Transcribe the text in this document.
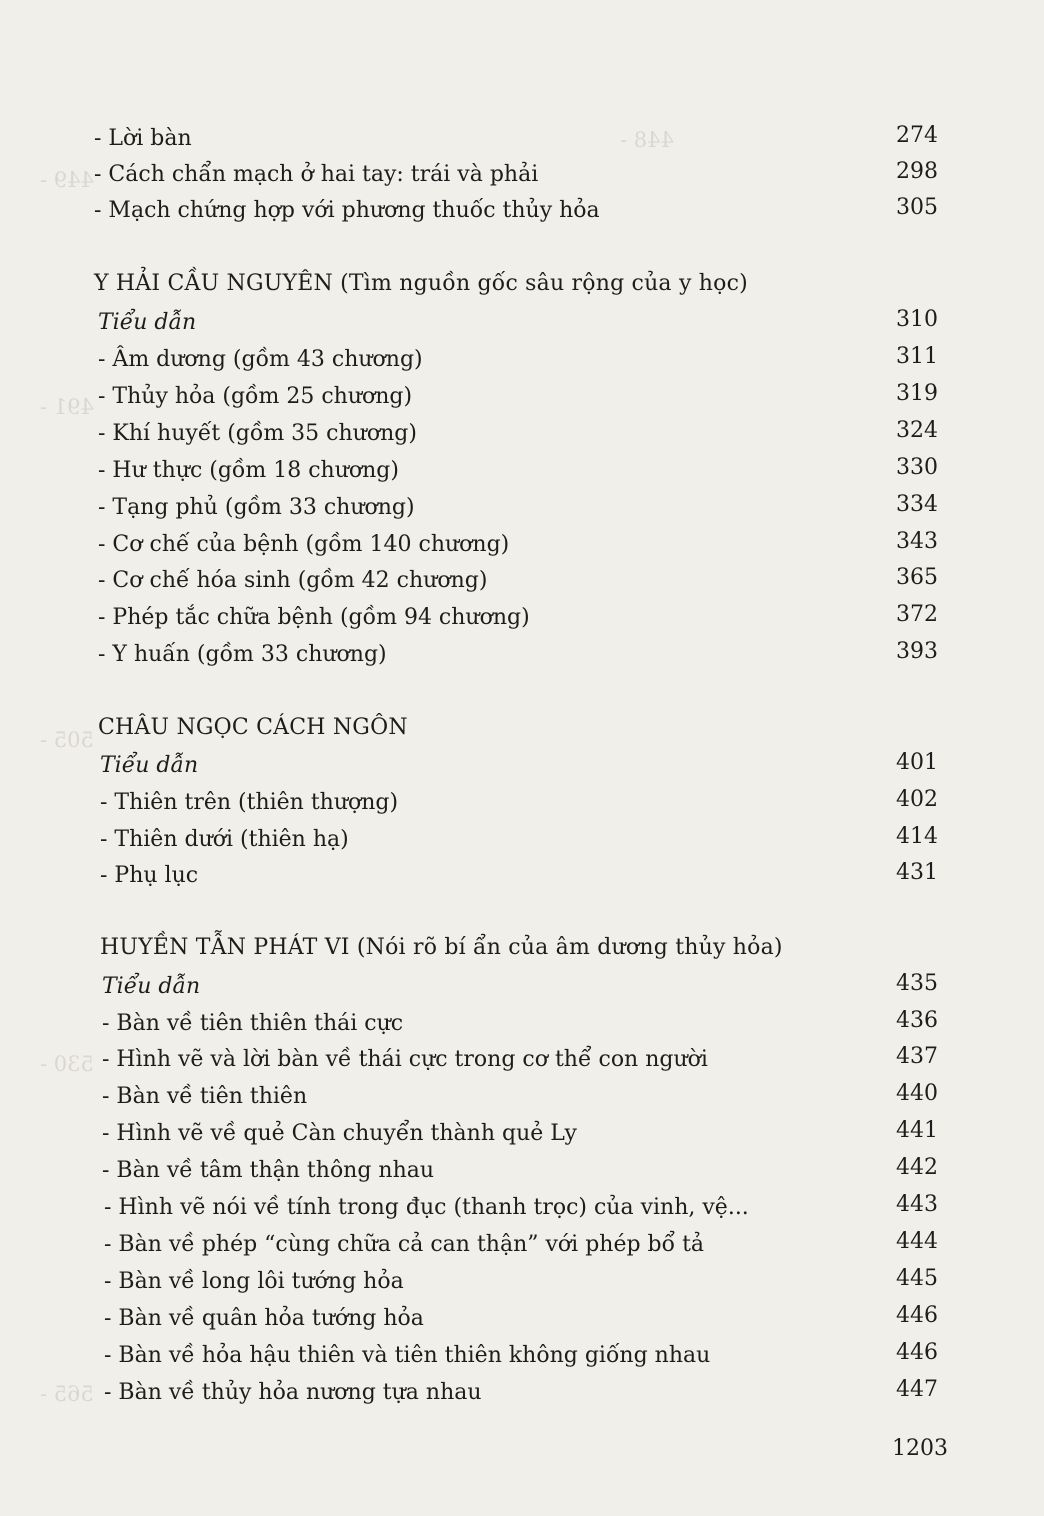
448 -
449 -
491 -
505 -
530 -
565 -
- Lời bàn	274
- Cách chẩn mạch ở hai tay: trái và phải	298
- Mạch chứng hợp với phương thuốc thủy hỏa	305
Y HẢI CẦU NGUYÊN (Tìm nguồn gốc sâu rộng của y học)
Tiểu dẫn	310
- Âm dương (gồm 43 chương)	311
- Thủy hỏa (gồm 25 chương)	319
- Khí huyết (gồm 35 chương)	324
- Hư thực (gồm 18 chương)	330
- Tạng phủ (gồm 33 chương)	334
- Cơ chế của bệnh (gồm 140 chương)	343
- Cơ chế hóa sinh (gồm 42 chương)	365
- Phép tắc chữa bệnh (gồm 94 chương)	372
- Y huấn (gồm 33 chương)	393
CHÂU NGỌC CÁCH NGÔN
Tiểu dẫn	401
- Thiên trên (thiên thượng)	402
- Thiên dưới (thiên hạ)	414
- Phụ lục	431
HUYỀN TẪN PHÁT VI (Nói rõ bí ẩn của âm dương thủy hỏa)
Tiểu dẫn	435
- Bàn về tiên thiên thái cực	436
- Hình vẽ và lời bàn về thái cực trong cơ thể con người	437
- Bàn về tiên thiên	440
- Hình vẽ về quẻ Càn chuyển thành quẻ Ly	441
- Bàn về tâm thận thông nhau	442
- Hình vẽ nói về tính trong đục (thanh trọc) của vinh, vệ...	443
- Bàn về phép “cùng chữa cả can thận” với phép bổ tả	444
- Bàn về long lôi tướng hỏa	445
- Bàn về quân hỏa tướng hỏa	446
- Bàn về hỏa hậu thiên và tiên thiên không giống nhau	446
- Bàn về thủy hỏa nương tựa nhau	447
1203
